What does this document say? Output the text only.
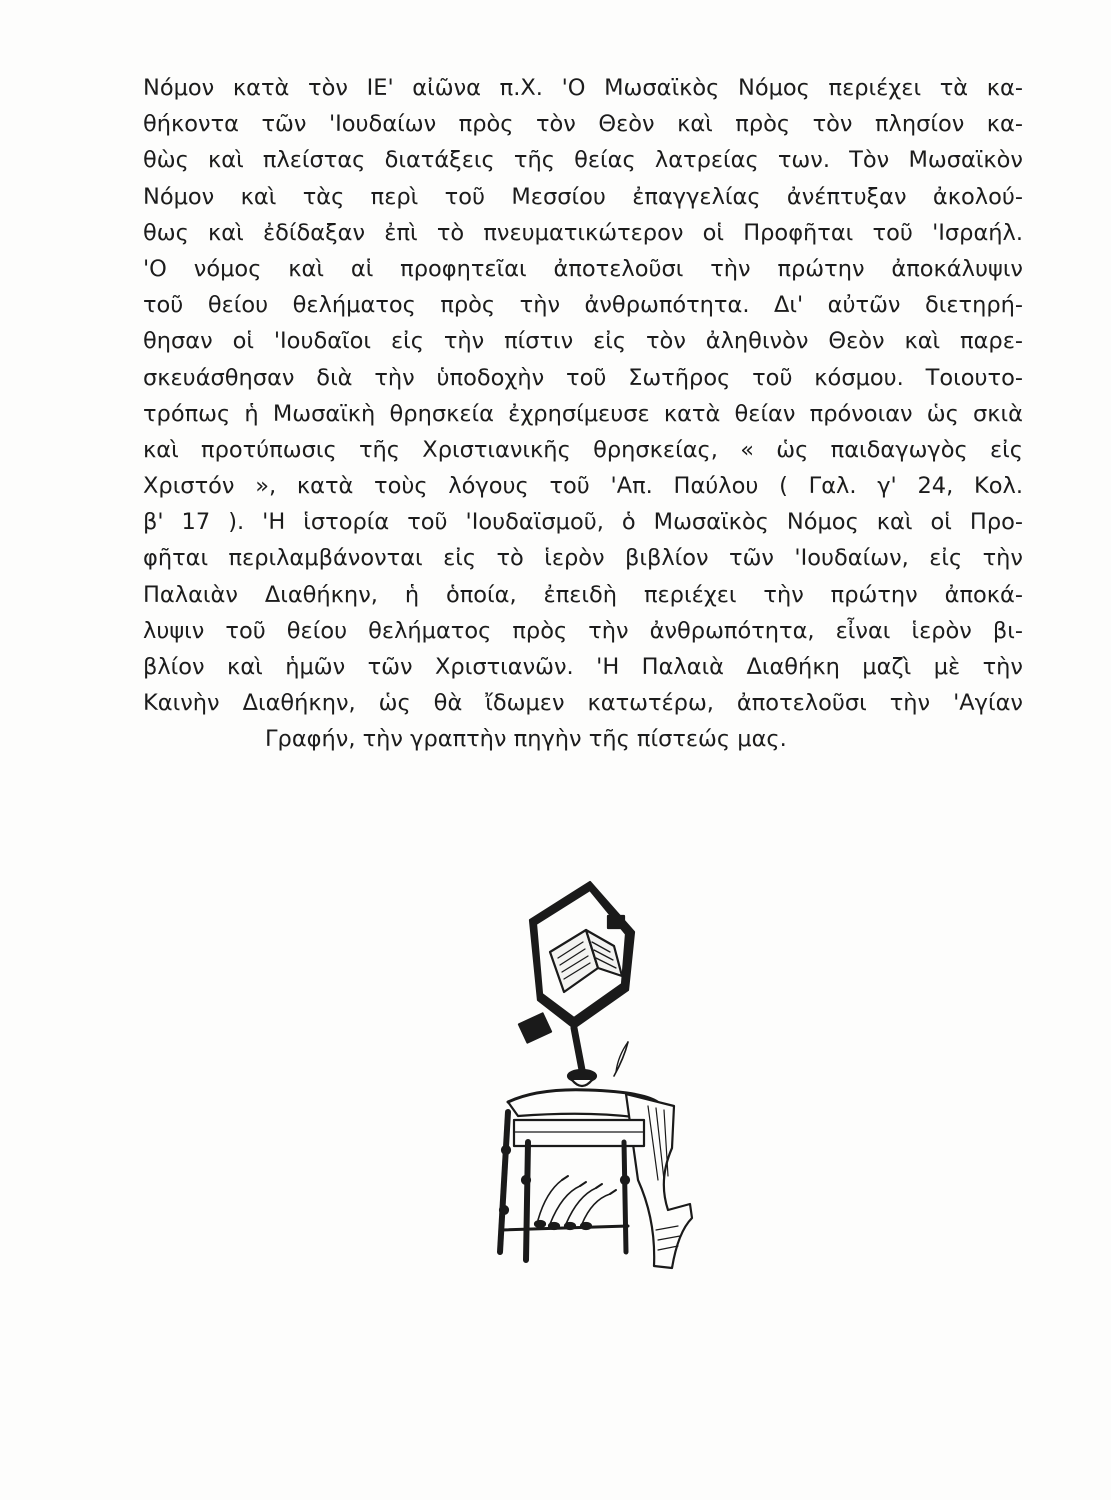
Νόμον κατὰ τὸν ΙΕ' αἰῶνα π.Χ. 'Ο Μωσαϊκὸς Νόμος περιέχει τὰ κα-
θήκοντα τῶν 'Ιουδαίων πρὸς τὸν Θεὸν καὶ πρὸς τὸν πλησίον κα-
θὼς καὶ πλείστας διατάξεις τῆς θείας λατρείας των. Τὸν Μωσαϊκὸν
Νόμον καὶ τὰς περὶ τοῦ Μεσσίου ἐπαγγελίας ἀνέπτυξαν ἀκολού-
θως καὶ ἐδίδαξαν ἐπὶ τὸ πνευματικώτερον οἱ Προφῆται τοῦ 'Ισραήλ.
'Ο νόμος καὶ αἱ προφητεῖαι ἀποτελοῦσι τὴν πρώτην ἀποκάλυψιν
τοῦ θείου θελήματος πρὸς τὴν ἀνθρωπότητα. Δι' αὐτῶν διετηρή-
θησαν οἱ 'Ιουδαῖοι εἰς τὴν πίστιν εἰς τὸν ἀληθινὸν Θεὸν καὶ παρε-
σκευάσθησαν διὰ τὴν ὑποδοχὴν τοῦ Σωτῆρος τοῦ κόσμου. Τοιουτο-
τρόπως ἡ Μωσαϊκὴ θρησκεία ἐχρησίμευσε κατὰ θείαν πρόνοιαν ὡς σκιὰ
καὶ προτύπωσις τῆς Χριστιανικῆς θρησκείας, « ὡς παιδαγωγὸς εἰς
Χριστόν », κατὰ τοὺς λόγους τοῦ 'Απ. Παύλου ( Γαλ. γ' 24, Κολ.
β' 17 ). 'Η ἱστορία τοῦ 'Ιουδαϊσμοῦ, ὁ Μωσαϊκὸς Νόμος καὶ οἱ Προ-
φῆται περιλαμβάνονται εἰς τὸ ἱερὸν βιβλίον τῶν 'Ιουδαίων, εἰς τὴν
Παλαιὰν Διαθήκην, ἡ ὁποία, ἐπειδὴ περιέχει τὴν πρώτην ἀποκά-
λυψιν τοῦ θείου θελήματος πρὸς τὴν ἀνθρωπότητα, εἶναι ἱερὸν βι-
βλίον καὶ ἡμῶν τῶν Χριστιανῶν. 'Η Παλαιὰ Διαθήκη μαζὶ μὲ τὴν
Καινὴν Διαθήκην, ὡς θὰ ἴδωμεν κατωτέρω, ἀποτελοῦσι τὴν 'Αγίαν
Γραφήν, τὴν γραπτὴν πηγὴν τῆς πίστεώς μας.
